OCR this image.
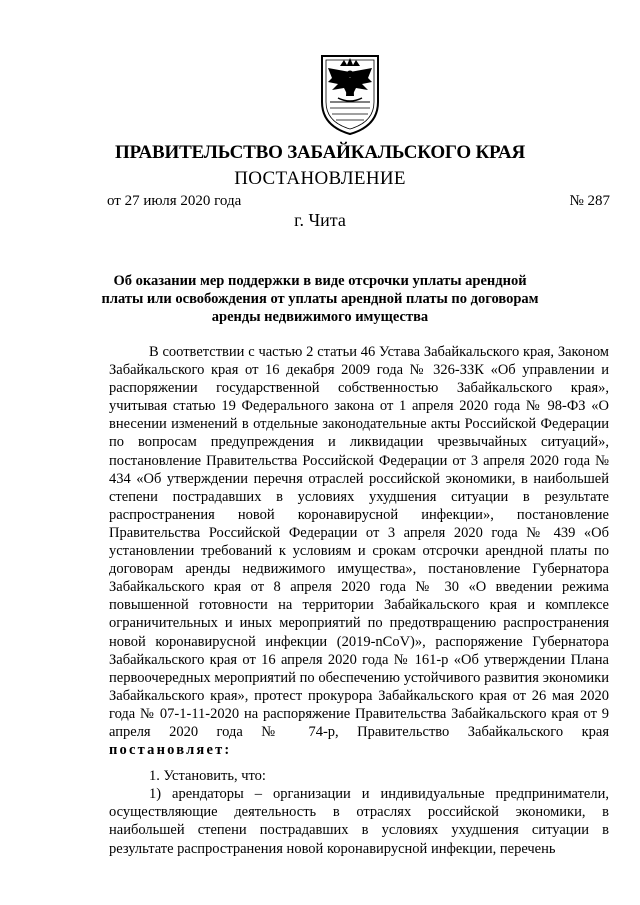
ПРАВИТЕЛЬСТВО ЗАБАЙКАЛЬСКОГО КРАЯ
ПОСТАНОВЛЕНИЕ
от 27 июля 2020 года	№ 287
г. Чита
Об оказании мер поддержки в виде отсрочки уплаты арендной платы или освобождения от уплаты арендной платы по договорам аренды недвижимого имущества

В соответствии с частью 2 статьи 46 Устава Забайкальского края, Законом Забайкальского края от 16 декабря 2009 года № 326-ЗЗК «Об управлении и распоряжении государственной собственностью Забайкальского края», учитывая статью 19 Федерального закона от 1 апреля 2020 года № 98-ФЗ «О внесении изменений в отдельные законодательные акты Российской Федерации по вопросам предупреждения и ликвидации чрезвычайных ситуаций», постановление Правительства Российской Федерации от 3 апреля 2020 года № 434 «Об утверждении перечня отраслей российской экономики, в наибольшей степени пострадавших в условиях ухудшения ситуации в результате распространения новой коронавирусной инфекции», постановление Правительства Российской Федерации от 3 апреля 2020 года № 439 «Об установлении требований к условиям и срокам отсрочки арендной платы по договорам аренды недвижимого имущества», постановление Губернатора Забайкальского края от 8 апреля 2020 года № 30 «О введении режима повышенной готовности на территории Забайкальского края и комплексе ограничительных и иных мероприятий по предотвращению распространения новой коронавирусной инфекции (2019-nCoV)», распоряжение Губернатора Забайкальского края от 16 апреля 2020 года № 161-р «Об утверждении Плана первоочередных мероприятий по обеспечению устойчивого развития экономики Забайкальского края», протест прокурора Забайкальского края от 26 мая 2020 года № 07-1-11-2020 на распоряжение Правительства Забайкальского края от 9 апреля 2020 года № 74-р, Правительство Забайкальского края постановляет:

1. Установить, что:

1) арендаторы – организации и индивидуальные предприниматели, осуществляющие деятельность в отраслях российской экономики, в наибольшей степени пострадавших в условиях ухудшения ситуации в результате распространения новой коронавирусной инфекции, перечень
